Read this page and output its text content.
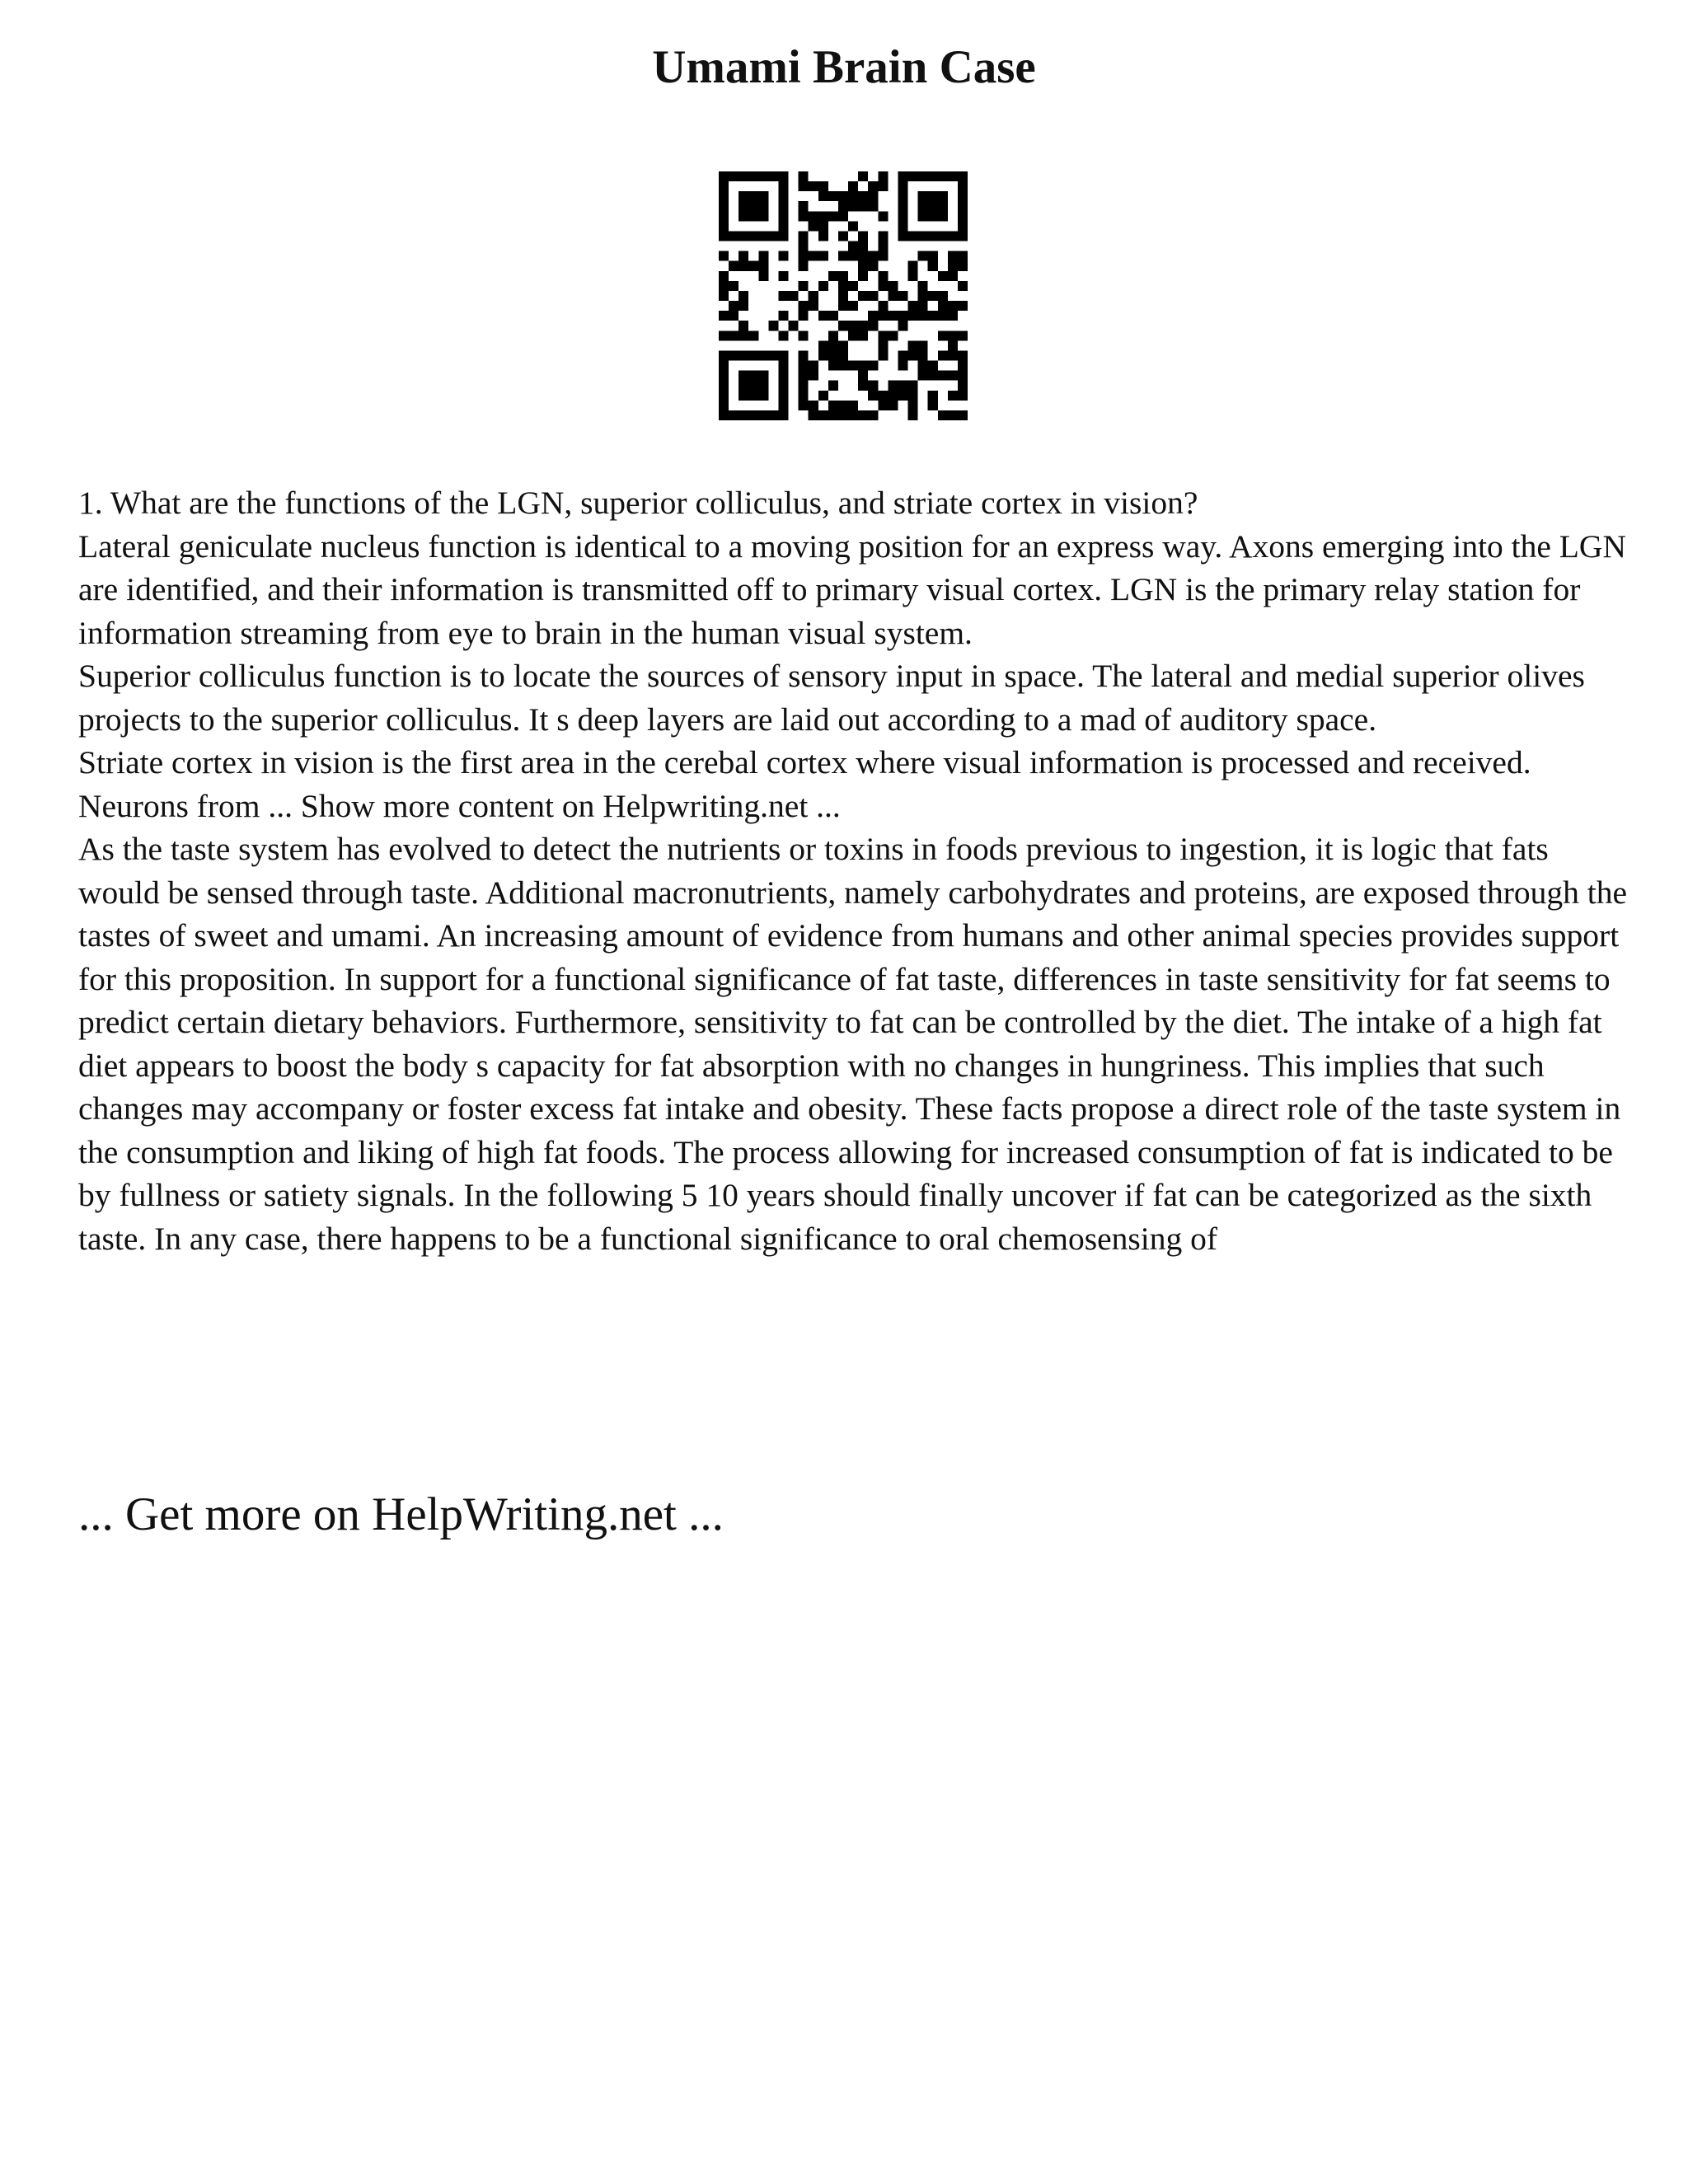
Umami Brain Case

1. What are the functions of the LGN, superior colliculus, and striate cortex in vision?

Lateral geniculate nucleus function is identical to a moving position for an express way. Axons emerging into the LGN are identified, and their information is transmitted off to primary visual cortex. LGN is the primary relay station for information streaming from eye to brain in the human visual system.

Superior colliculus function is to locate the sources of sensory input in space. The lateral and medial superior olives projects to the superior colliculus. It s deep layers are laid out according to a mad of auditory space.

Striate cortex in vision is the first area in the cerebal cortex where visual information is processed and received. Neurons from ... Show more content on Helpwriting.net ...

As the taste system has evolved to detect the nutrients or toxins in foods previous to ingestion, it is logic that fats would be sensed through taste. Additional macronutrients, namely carbohydrates and proteins, are exposed through the tastes of sweet and umami. An increasing amount of evidence from humans and other animal species provides support for this proposition. In support for a functional significance of fat taste, differences in taste sensitivity for fat seems to predict certain dietary behaviors. Furthermore, sensitivity to fat can be controlled by the diet. The intake of a high fat diet appears to boost the body s capacity for fat absorption with no changes in hungriness. This implies that such changes may accompany or foster excess fat intake and obesity. These facts propose a direct role of the taste system in the consumption and liking of high fat foods. The process allowing for increased consumption of fat is indicated to be by fullness or satiety signals. In the following 5 10 years should finally uncover if fat can be categorized as the sixth taste. In any case, there happens to be a functional significance to oral chemosensing of

... Get more on HelpWriting.net ...
